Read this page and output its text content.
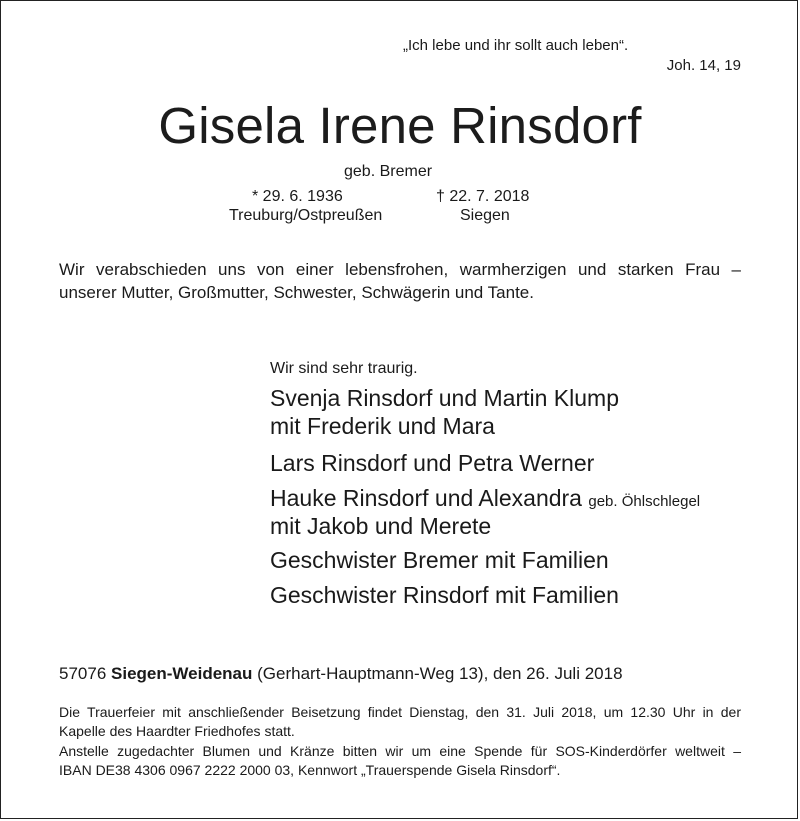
„Ich lebe und ihr sollt auch leben“.
Joh. 14, 19
Gisela Irene Rinsdorf
geb. Bremer
* 29. 6. 1936	† 22. 7. 2018
Treuburg/Ostpreußen	Siegen
Wir verabschieden uns von einer lebensfrohen, warmherzigen und starken Frau –
unserer Mutter, Großmutter, Schwester, Schwägerin und Tante.
Wir sind sehr traurig.
Svenja Rinsdorf und Martin Klump
mit Frederik und Mara
Lars Rinsdorf und Petra Werner
Hauke Rinsdorf und Alexandra geb. Öhlschlegel
mit Jakob und Merete
Geschwister Bremer mit Familien
Geschwister Rinsdorf mit Familien
57076 Siegen-Weidenau (Gerhart-Hauptmann-Weg 13), den 26. Juli 2018
Die Trauerfeier mit anschließender Beisetzung findet Dienstag, den 31. Juli 2018, um 12.30 Uhr in der
Kapelle des Haardter Friedhofes statt.
Anstelle zugedachter Blumen und Kränze bitten wir um eine Spende für SOS-Kinderdörfer weltweit –
IBAN DE38 4306 0967 2222 2000 03, Kennwort „Trauerspende Gisela Rinsdorf“.
